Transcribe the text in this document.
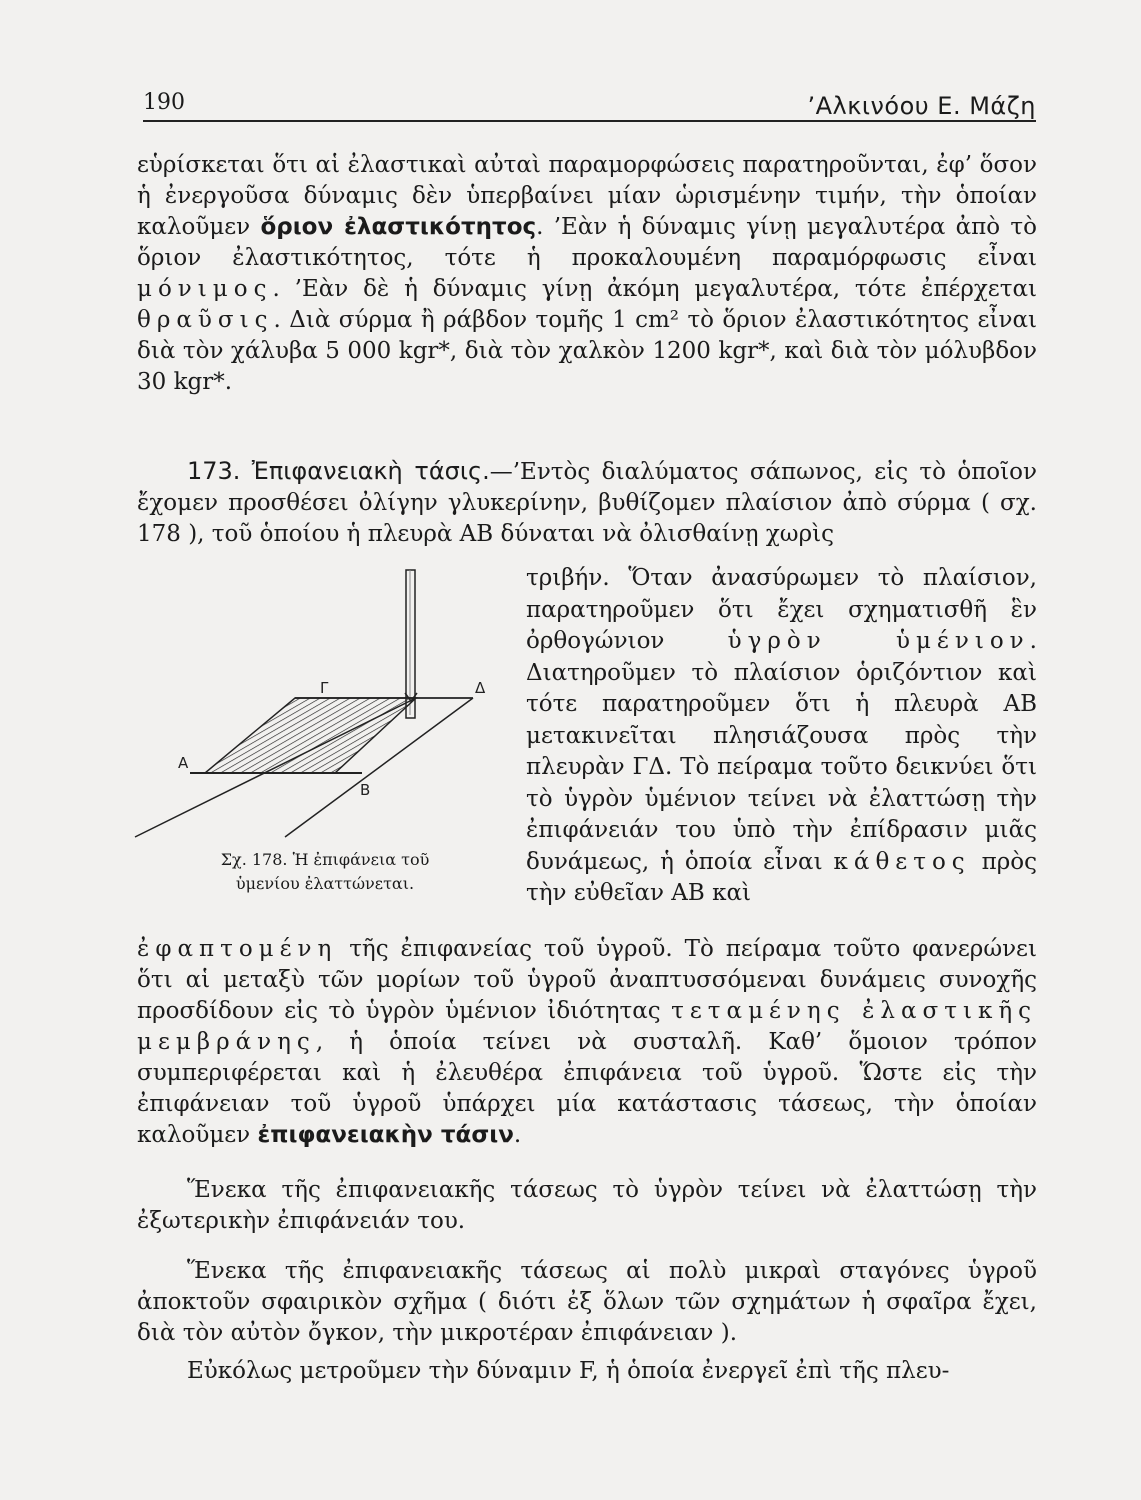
190	’Αλκινόου Ε. Μάζη

εὑρίσκεται ὅτι αἱ ἐλαστικαὶ αὐταὶ παραμορφώσεις παρατηροῦνται, ἐφ’ ὅσον ἡ ἐνεργοῦσα δύναμις δὲν ὑπερβαίνει μίαν ὡρισμένην τιμήν, τὴν ὁποίαν καλοῦμεν ὅριον ἐλαστικότητος. ’Εὰν ἡ δύναμις γίνῃ μεγαλυτέρα ἀπὸ τὸ ὅριον ἐλαστικότητος, τότε ἡ προκαλουμένη παραμόρφωσις εἶναι μόνιμος. ’Εὰν δὲ ἡ δύναμις γίνῃ ἀκόμη μεγαλυτέρα, τότε ἐπέρχεται θραῦσις. Διὰ σύρμα ἢ ράβδον τομῆς 1 cm² τὸ ὅριον ἐλαστικότητος εἶναι διὰ τὸν χάλυβα 5 000 kgr*, διὰ τὸν χαλκὸν 1200 kgr*, καὶ διὰ τὸν μόλυβδον 30 kgr*.

173. Ἐπιφανειακὴ τάσις.—’Εντὸς διαλύματος σάπωνος, εἰς τὸ ὁποῖον ἔχομεν προσθέσει ὀλίγην γλυκερίνην, βυθίζομεν πλαίσιον ἀπὸ σύρμα ( σχ. 178 ), τοῦ ὁποίου ἡ πλευρὰ ΑΒ δύναται νὰ ὀλισθαίνῃ χωρὶς

Α
Β
Γ	Δ
Σχ. 178. Ἡ ἐπιφάνεια τοῦ
ὑμενίου ἐλαττώνεται.

τριβήν. Ὅταν ἀνασύρωμεν τὸ πλαίσιον, παρατηροῦμεν ὅτι ἔχει σχηματισθῆ ἓν ὀρθογώνιον ὑγρὸν ὑμένιον. Διατηροῦμεν τὸ πλαίσιον ὁριζόντιον καὶ τότε παρατηροῦμεν ὅτι ἡ πλευρὰ ΑΒ μετακινεῖται πλησιάζουσα πρὸς τὴν πλευρὰν ΓΔ. Τὸ πείραμα τοῦτο δεικνύει ὅτι τὸ ὑγρὸν ὑμένιον τείνει νὰ ἐλαττώσῃ τὴν ἐπιφάνειάν του ὑπὸ τὴν ἐπίδρασιν μιᾶς δυνάμεως, ἡ ὁποία εἶναι κάθετος πρὸς τὴν εὐθεῖαν ΑΒ καὶ

ἐφαπτομένη τῆς ἐπιφανείας τοῦ ὑγροῦ. Τὸ πείραμα τοῦτο φανερώνει ὅτι αἱ μεταξὺ τῶν μορίων τοῦ ὑγροῦ ἀναπτυσσόμεναι δυνάμεις συνοχῆς προσδίδουν εἰς τὸ ὑγρὸν ὑμένιον ἰδιότητας τεταμένης ἐλαστικῆς μεμβράνης, ἡ ὁποία τείνει νὰ συσταλῆ. Καθ’ ὅμοιον τρόπον συμπεριφέρεται καὶ ἡ ἐλευθέρα ἐπιφάνεια τοῦ ὑγροῦ. Ὥστε εἰς τὴν ἐπιφάνειαν τοῦ ὑγροῦ ὑπάρχει μία κατάστασις τάσεως, τὴν ὁποίαν καλοῦμεν ἐπιφανειακὴν τάσιν.

Ἕνεκα τῆς ἐπιφανειακῆς τάσεως τὸ ὑγρὸν τείνει νὰ ἐλαττώσῃ τὴν ἐξωτερικὴν ἐπιφάνειάν του.

Ἕνεκα τῆς ἐπιφανειακῆς τάσεως αἱ πολὺ μικραὶ σταγόνες ὑγροῦ ἀποκτοῦν σφαιρικὸν σχῆμα ( διότι ἐξ ὅλων τῶν σχημάτων ἡ σφαῖρα ἔχει, διὰ τὸν αὐτὸν ὄγκον, τὴν μικροτέραν ἐπιφάνειαν ).

Εὐκόλως μετροῦμεν τὴν δύναμιν F, ἡ ὁποία ἐνεργεῖ ἐπὶ τῆς πλευ-
